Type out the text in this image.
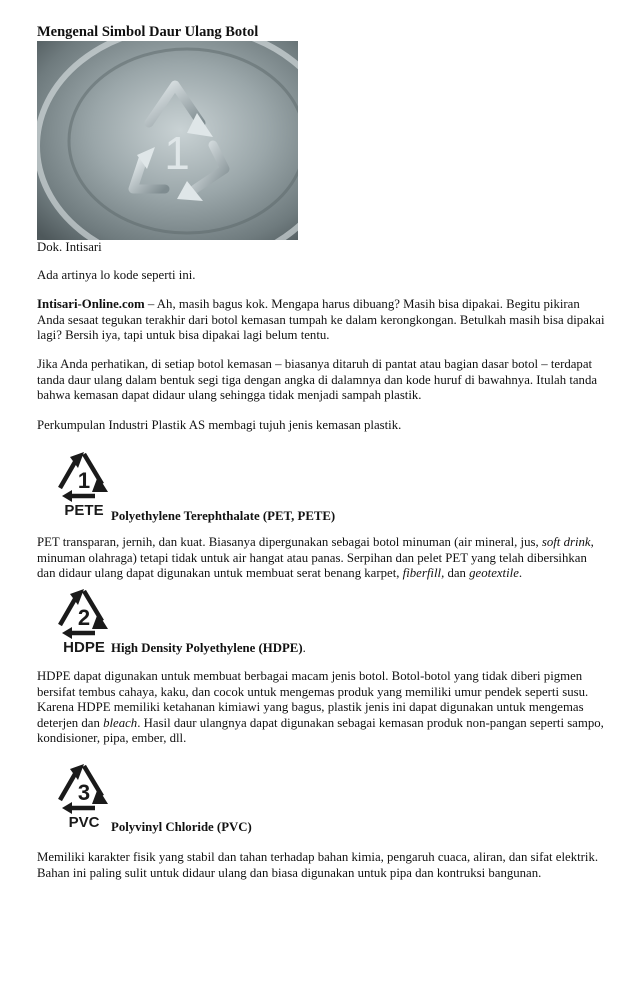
Mengenal Simbol Daur Ulang Botol
1
Dok. Intisari
Ada artinya lo kode seperti ini.
Intisari-Online.com – Ah, masih bagus kok. Mengapa harus dibuang? Masih bisa dipakai. Begitu pikiran Anda sesaat tegukan terakhir dari botol kemasan tumpah ke dalam kerongkongan. Betulkah masih bisa dipakai lagi? Bersih iya, tapi untuk bisa dipakai lagi belum tentu.
Jika Anda perhatikan, di setiap botol kemasan – biasanya ditaruh di pantat atau bagian dasar botol – terdapat tanda daur ulang dalam bentuk segi tiga dengan angka di dalamnya dan kode huruf di bawahnya. Itulah tanda bahwa kemasan dapat didaur ulang sehingga tidak menjadi sampah plastik.
Perkumpulan Industri Plastik AS membagi tujuh jenis kemasan plastik.
1
PETE Polyethylene Terephthalate (PET, PETE)
PET transparan, jernih, dan kuat. Biasanya dipergunakan sebagai botol minuman (air mineral, jus, soft drink, minuman olahraga) tetapi tidak untuk air hangat atau panas. Serpihan dan pelet PET yang telah dibersihkan dan didaur ulang dapat digunakan untuk membuat serat benang karpet, fiberfill, dan geotextile.
2
HDPE High Density Polyethylene (HDPE).
HDPE dapat digunakan untuk membuat berbagai macam jenis botol. Botol-botol yang tidak diberi pigmen bersifat tembus cahaya, kaku, dan cocok untuk mengemas produk yang memiliki umur pendek seperti susu. Karena HDPE memiliki ketahanan kimiawi yang bagus, plastik jenis ini dapat digunakan untuk mengemas deterjen dan bleach. Hasil daur ulangnya dapat digunakan sebagai kemasan produk non-pangan seperti sampo, kondisioner, pipa, ember, dll.
3
PVC Polyvinyl Chloride (PVC)
Memiliki karakter fisik yang stabil dan tahan terhadap bahan kimia, pengaruh cuaca, aliran, dan sifat elektrik. Bahan ini paling sulit untuk didaur ulang dan biasa digunakan untuk pipa dan kontruksi bangunan.
